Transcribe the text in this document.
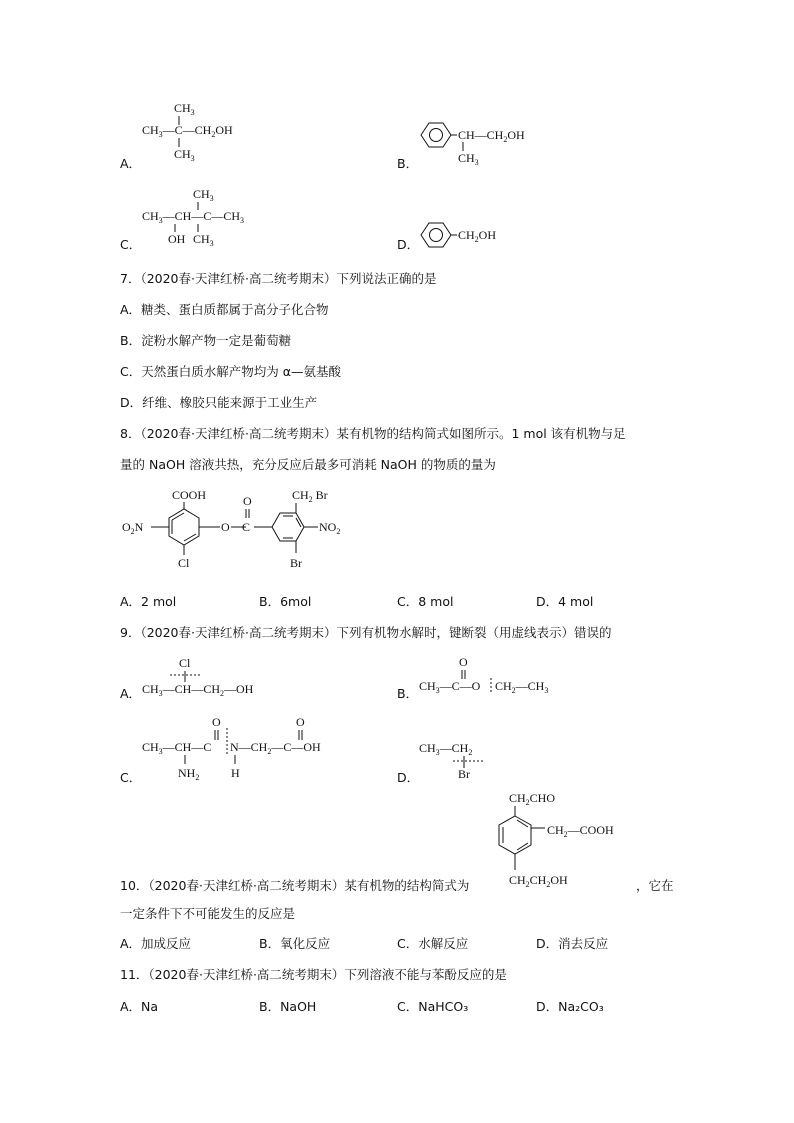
A．
$CH_3$
$CH_3—C—CH_2OH$
$CH_3$	B．
$CH—CH_2OH$
$CH_3$
C．
$CH_3$
$CH_3—CH—C—CH_3$
OH $CH_3$	D．
$CH_2OH$
7．（2020春·天津红桥·高二统考期末）下列说法正确的是
A．糖类、蛋白质都属于高分子化合物
B．淀粉水解产物一定是葡萄糖
C．天然蛋白质水解产物均为 α—氨基酸
D．纤维、橡胶只能来源于工业生产
8．（2020春·天津红桥·高二统考期末）某有机物的结构简式如图所示。1 mol 该有机物与足
量的 NaOH 溶液共热，充分反应后最多可消耗 NaOH 的物质的量为
COOH
$O_2N$
Cl
O C
O	$CH_2$ Br
$NO_2$
Br
A．2 mol	B．6mol	C．8 mol	D．4 mol
9．（2020春·天津红桥·高二统考期末）下列有机物水解时，键断裂（用虚线表示）错误的
A．
Cl
$CH_3—CH—CH_2—OH$	B．
O
$CH_3—C—O$ $CH_2—CH_3$
C．
O	O
$CH_3—CH—C$ $N—CH_2—C—OH$
$NH_2$	H	D．
$CH_3—CH_2$
Br
$CH_2CHO$
$CH_2—COOH$
$CH_2CH_2OH$
10．（2020春·天津红桥·高二统考期末）某有机物的结构简式为	，它在
一定条件下不可能发生的反应是
A．加成反应	B．氧化反应	C．水解反应	D．消去反应
11．（2020春·天津红桥·高二统考期末）下列溶液不能与苯酚反应的是
A．Na	B．NaOH	C．NaHCO₃	D．Na₂CO₃
